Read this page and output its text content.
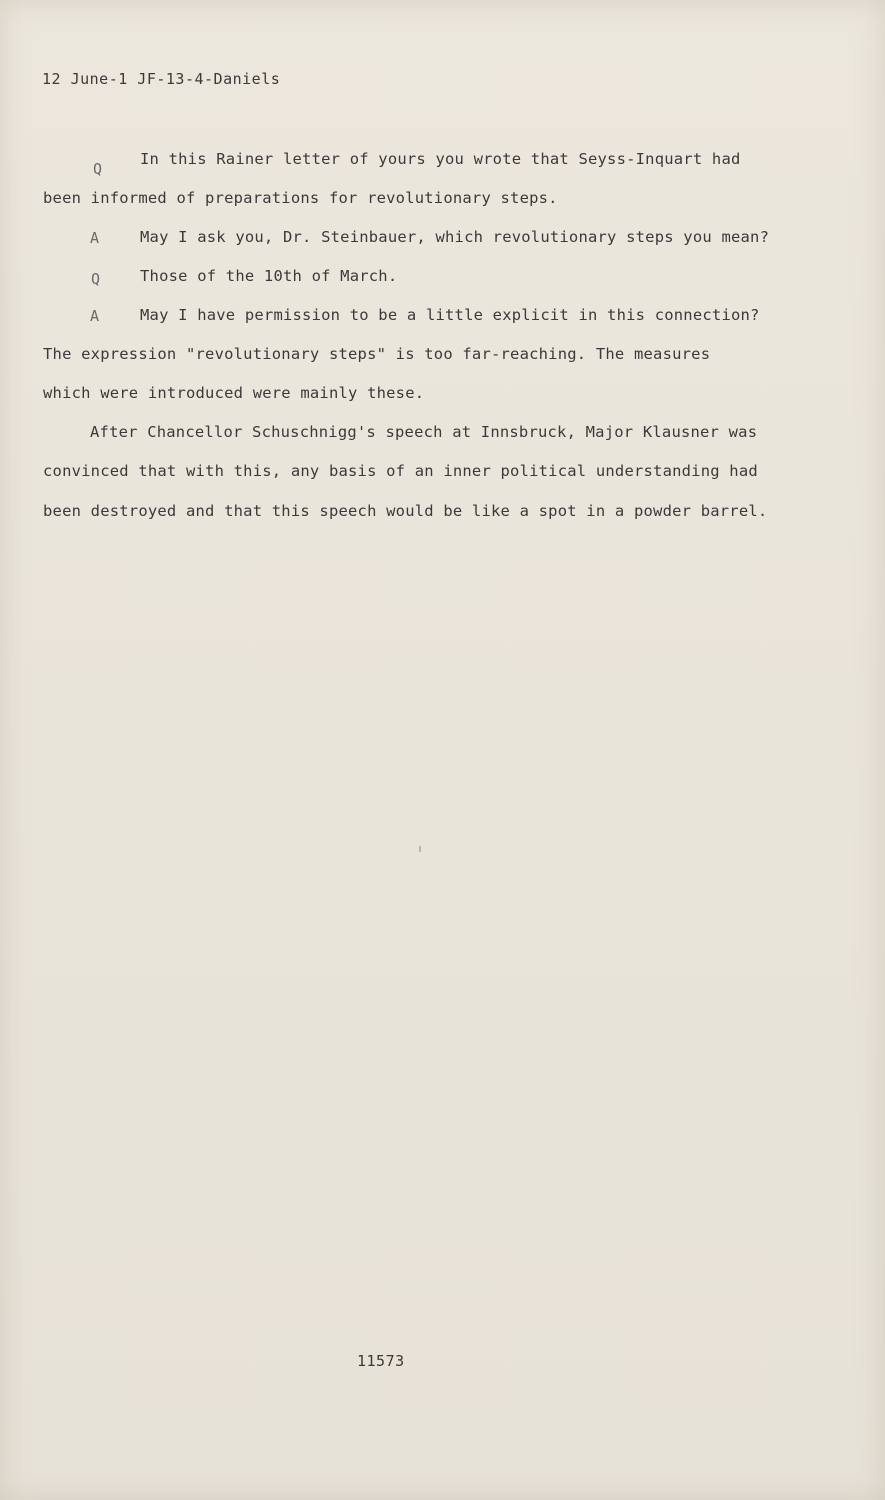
12 June-1 JF-13-4-Daniels
Q
In this Rainer letter of yours you wrote that Seyss-Inquart had
been informed of preparations for revolutionary steps.
A	May I ask you, Dr. Steinbauer, which revolutionary steps you mean?
Q	Those of the 10th of March.
A	May I have permission to be a little explicit in this connection?
The expression "revolutionary steps" is too far-reaching. The measures
which were introduced were mainly these.
After Chancellor Schuschnigg's speech at Innsbruck, Major Klausner was
convinced that with this, any basis of an inner political understanding had
been destroyed and that this speech would be like a spot in a powder barrel.
11573
